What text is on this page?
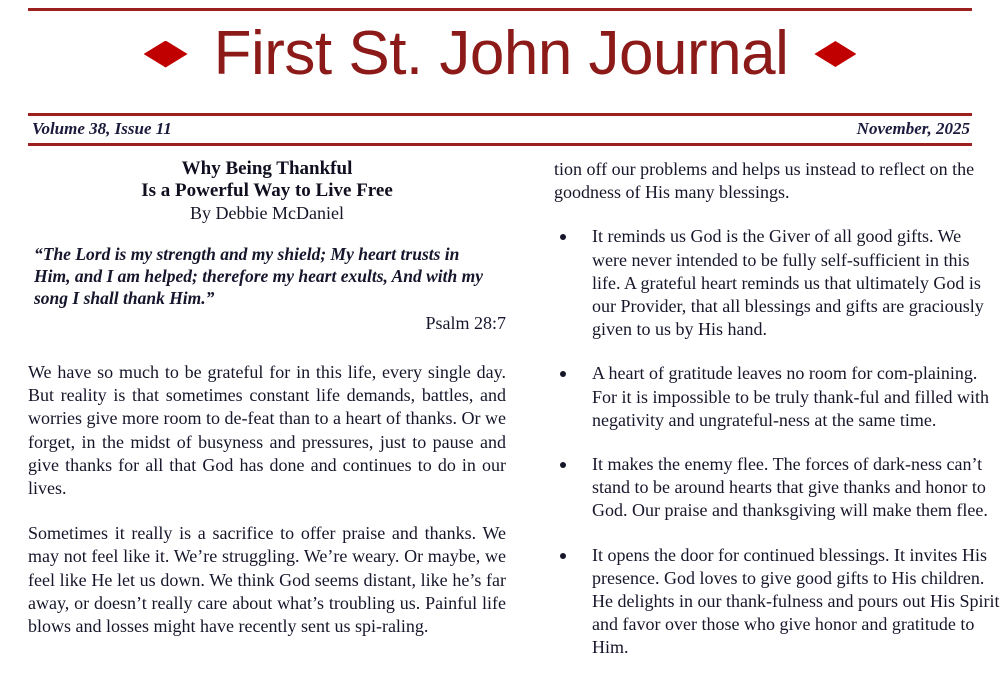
First St. John Journal
Volume 38, Issue 11	November, 2025
Why Being Thankful
Is a Powerful Way to Live Free
By Debbie McDaniel
“The Lord is my strength and my shield; My heart trusts in Him, and I am helped; therefore my heart exults, And with my song I shall thank Him.”
Psalm 28:7

We have so much to be grateful for in this life, every single day. But reality is that sometimes constant life demands, battles, and worries give more room to de-feat than to a heart of thanks. Or we forget, in the midst of busyness and pressures, just to pause and give thanks for all that God has done and continues to do in our lives.

Sometimes it really is a sacrifice to offer praise and thanks. We may not feel like it. We’re struggling. We’re weary. Or maybe, we feel like He let us down. We think God seems distant, like he’s far away, or doesn’t really care about what’s troubling us. Painful life blows and losses might have recently sent us spi-raling.

tion off our problems and helps us instead to reflect on the goodness of His many blessings.

It reminds us God is the Giver of all good gifts. We were never intended to be fully self-sufficient in this life. A grateful heart reminds us that ultimately God is our Provider, that all blessings and gifts are graciously given to us by His hand.
A heart of gratitude leaves no room for com-plaining. For it is impossible to be truly thank-ful and filled with negativity and ungrateful-ness at the same time.
It makes the enemy flee. The forces of dark-ness can’t stand to be around hearts that give thanks and honor to God. Our praise and thanksgiving will make them flee.
It opens the door for continued blessings. It invites His presence. God loves to give good gifts to His children. He delights in our thank-fulness and pours out His Spirit and favor over those who give honor and gratitude to Him.
